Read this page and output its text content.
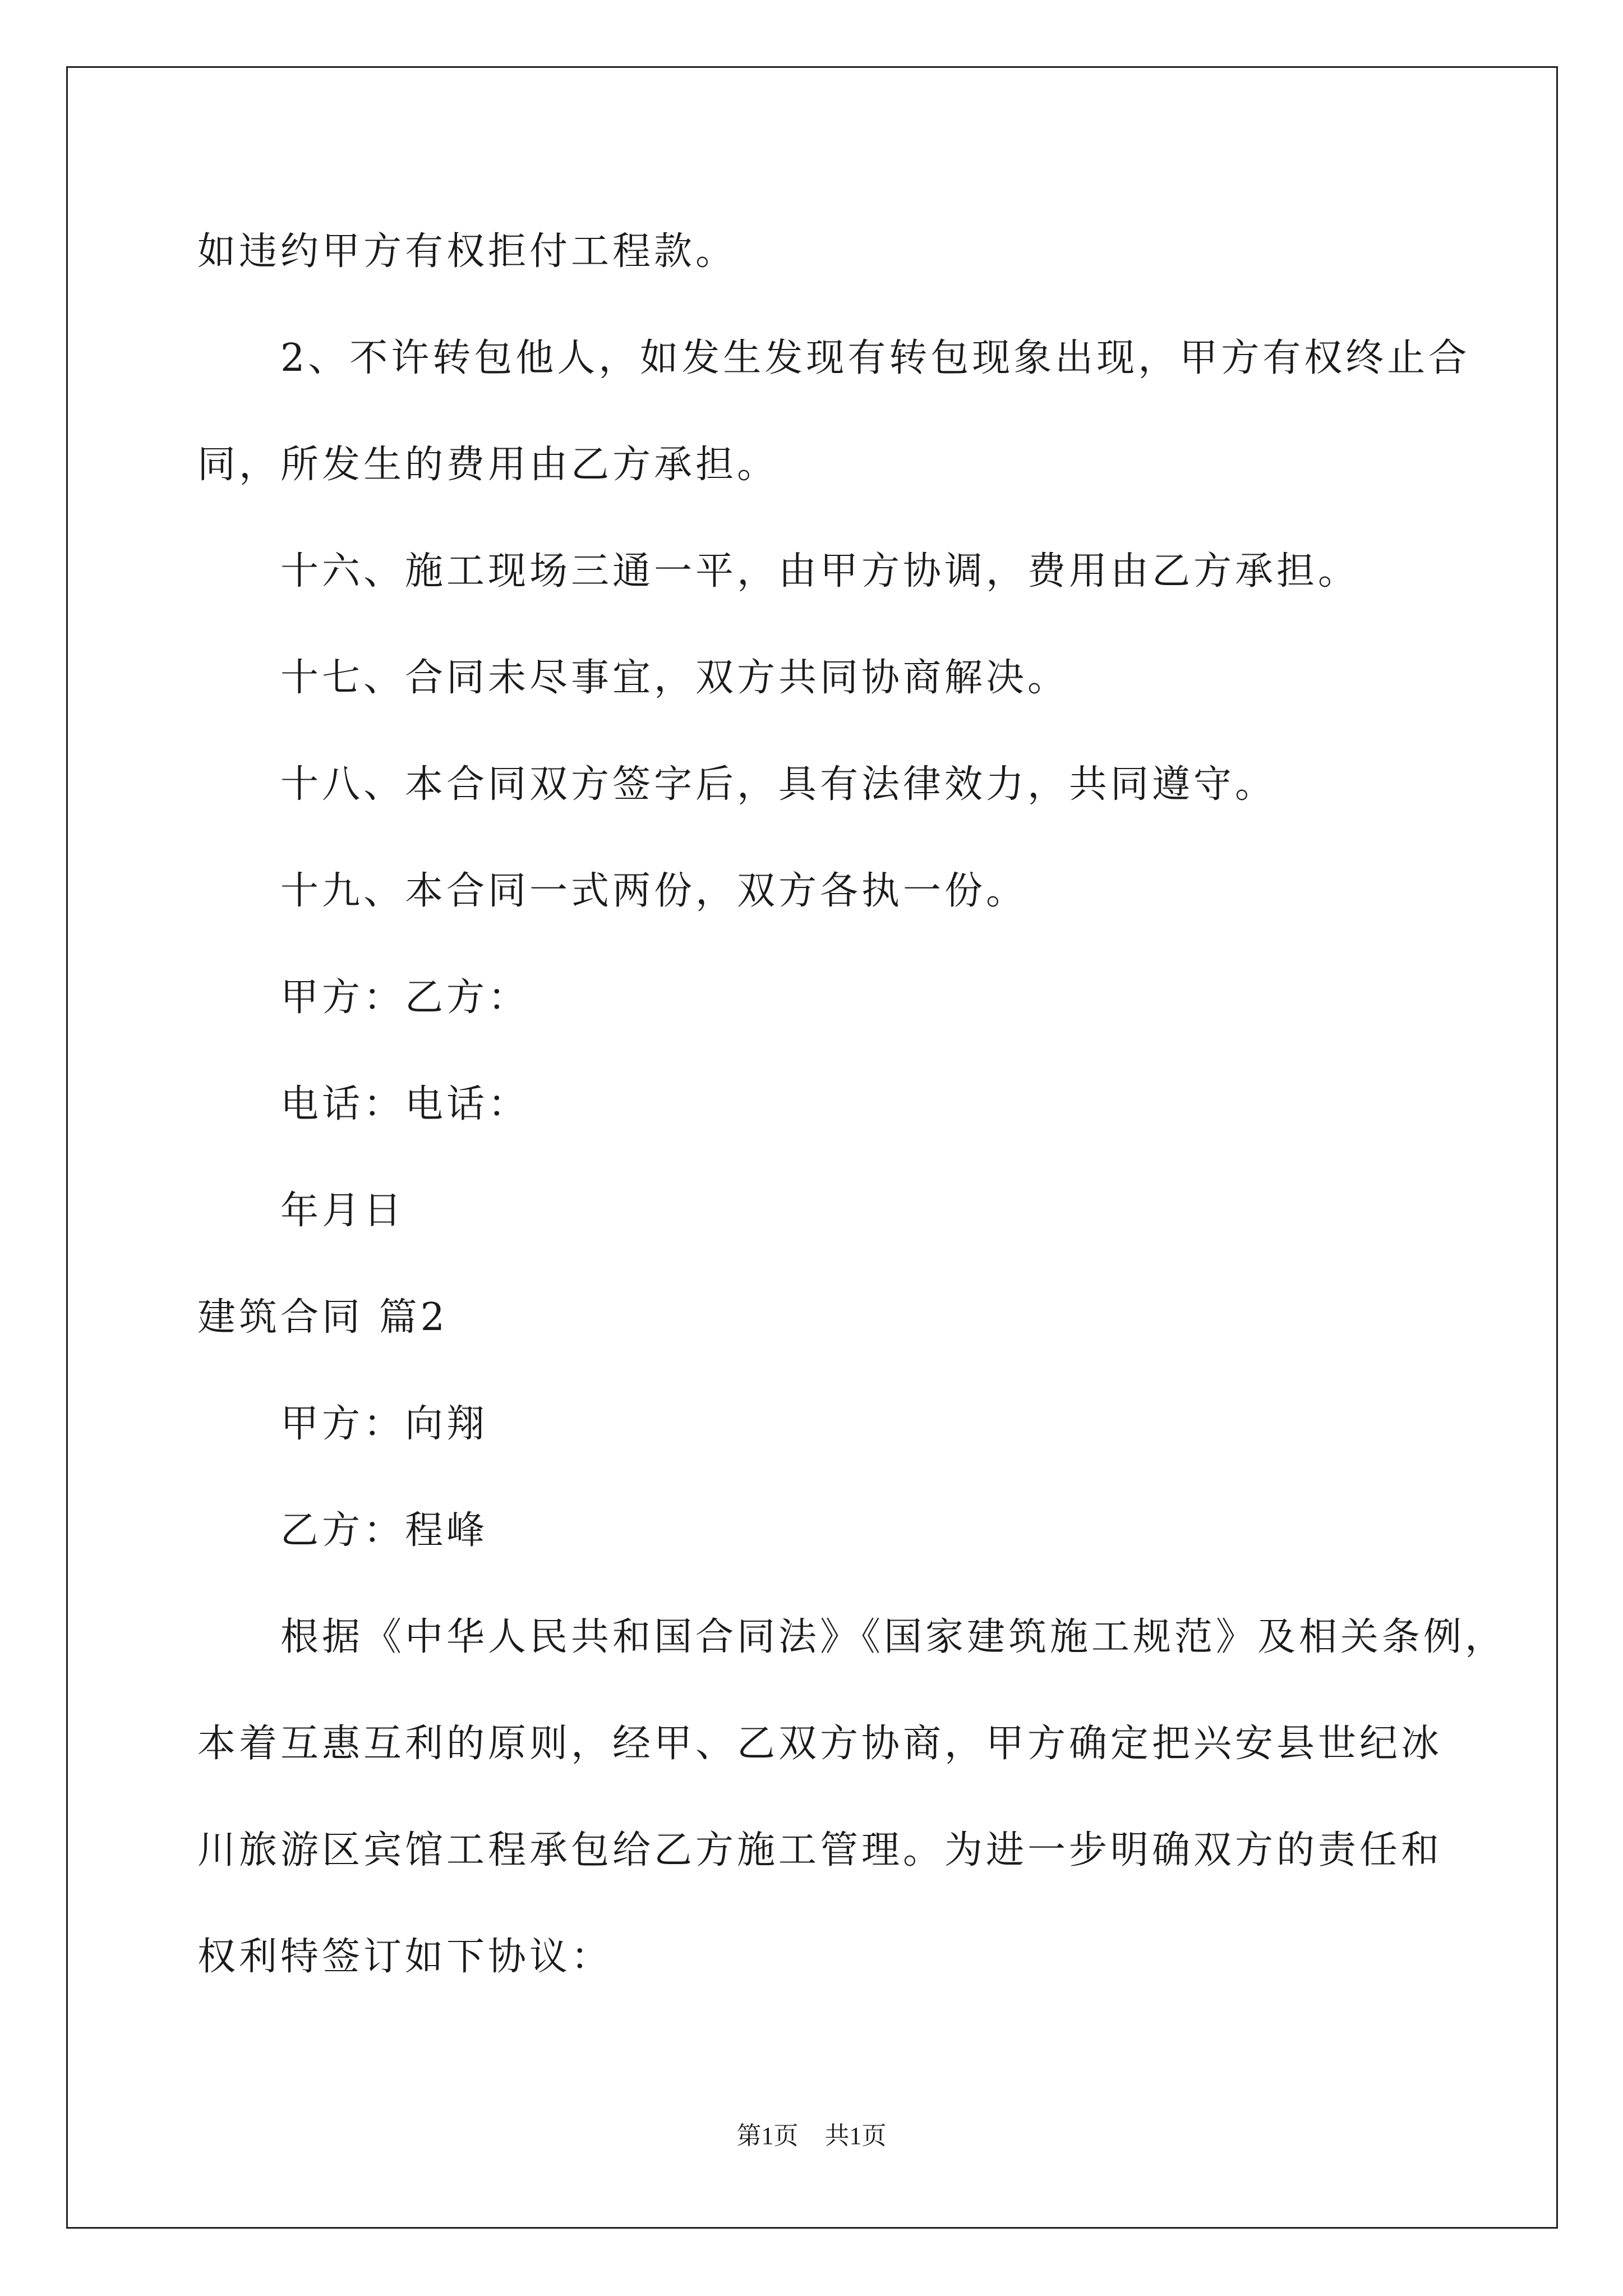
如违约甲方有权拒付工程款。
2、不许转包他人，如发生发现有转包现象出现，甲方有权终止合
同，所发生的费用由乙方承担。
十六、施工现场三通一平，由甲方协调，费用由乙方承担。
十七、合同未尽事宜，双方共同协商解决。
十八、本合同双方签字后，具有法律效力，共同遵守。
十九、本合同一式两份，双方各执一份。
甲方：乙方：
电话：电话：
年月日
建筑合同 篇2
甲方：向翔
乙方：程峰
根据《中华人民共和国合同法》《国家建筑施工规范》及相关条例，
本着互惠互利的原则，经甲、乙双方协商，甲方确定把兴安县世纪冰
川旅游区宾馆工程承包给乙方施工管理。为进一步明确双方的责任和
权利特签订如下协议：
第1页 共1页
